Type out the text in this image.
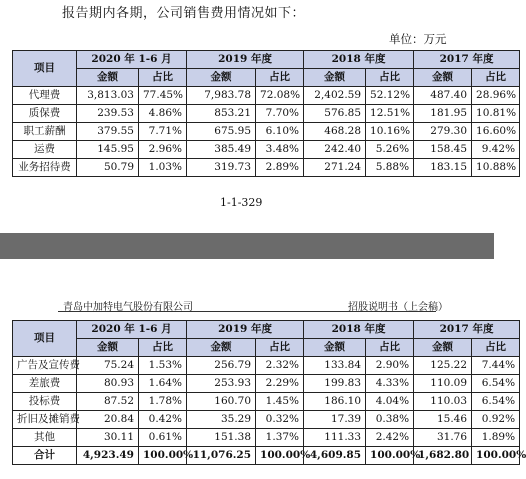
报告期内各期，公司销售费用情况如下：
单位：万元
项目	2020 年 1-6 月		2019 年度		2018 年度		2017 年度	
	金额	占比	金额	占比	金额	占比	金额	占比
代理费	3,813.03	77.45%	7,983.78	72.08%	2,402.59	52.12%	487.40	28.96%
质保费	239.53	4.86%	853.21	7.70%	576.85	12.51%	181.95	10.81%
职工薪酬	379.55	7.71%	675.95	6.10%	468.28	10.16%	279.30	16.60%
运费	145.95	2.96%	385.49	3.48%	242.40	5.26%	158.45	9.42%
业务招待费	50.79	1.03%	319.73	2.89%	271.24	5.88%	183.15	10.88%
1-1-329
青岛中加特电气股份有限公司	招股说明书（上会稿）
项目	2020 年 1-6 月		2019 年度		2018 年度		2017 年度	
	金额	占比	金额	占比	金额	占比	金额	占比
广告及宣传费	75.24	1.53%	256.79	2.32%	133.84	2.90%	125.22	7.44%
差旅费	80.93	1.64%	253.93	2.29%	199.83	4.33%	110.09	6.54%
投标费	87.52	1.78%	160.70	1.45%	186.10	4.04%	110.03	6.54%
折旧及摊销费	20.84	0.42%	35.29	0.32%	17.39	0.38%	15.46	0.92%
其他	30.11	0.61%	151.38	1.37%	111.33	2.42%	31.76	1.89%
合计	4,923.49	100.00%	11,076.25	100.00%	4,609.85	100.00%	1,682.80	100.00%
